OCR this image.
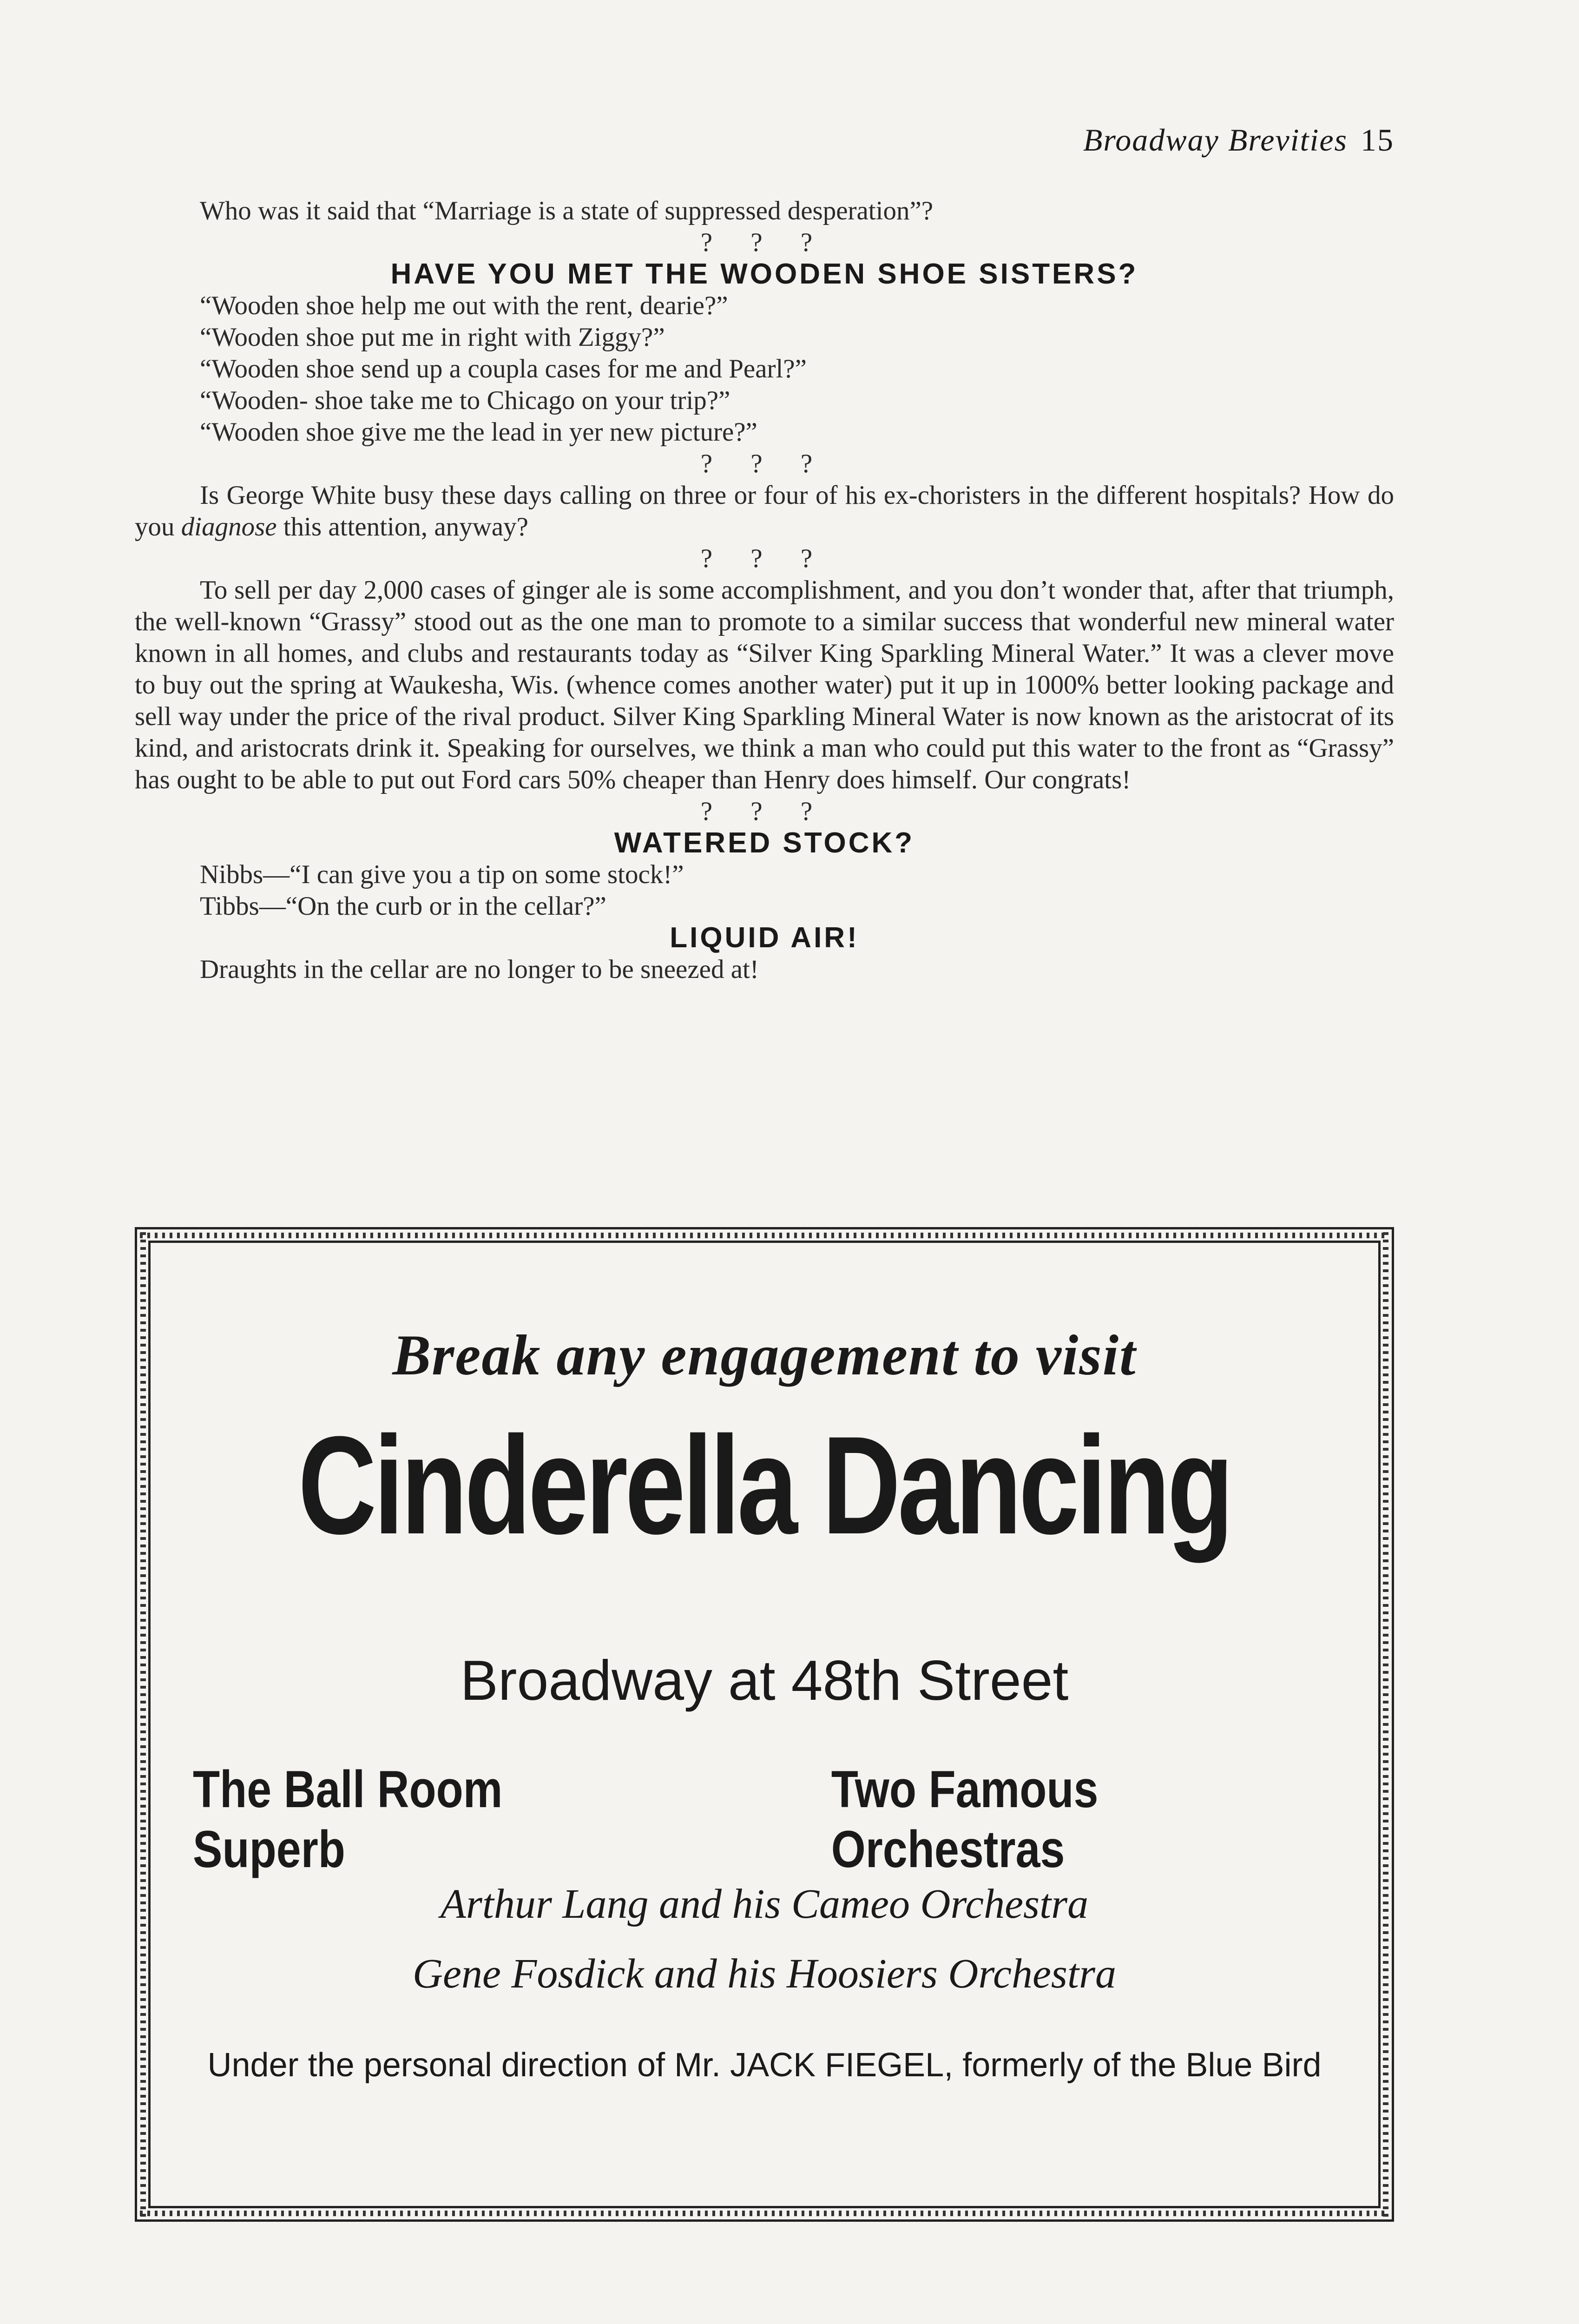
Broadway Brevities 15
Who was it said that “Marriage is a state of suppressed desperation”?
? ? ?
HAVE YOU MET THE WOODEN SHOE SISTERS?
“Wooden shoe help me out with the rent, dearie?”
“Wooden shoe put me in right with Ziggy?”
“Wooden shoe send up a coupla cases for me and Pearl?”
“Wooden- shoe take me to Chicago on your trip?”
“Wooden shoe give me the lead in yer new picture?”
? ? ?
Is George White busy these days calling on three or four of his ex-choristers in the different hospitals? How do you diagnose this attention, anyway?
? ? ?
To sell per day 2,000 cases of ginger ale is some accomplishment, and you don’t wonder that, after that triumph, the well-known “Grassy” stood out as the one man to promote to a similar success that wonderful new mineral water known in all homes, and clubs and restaurants today as “Silver King Sparkling Mineral Water.” It was a clever move to buy out the spring at Waukesha, Wis. (whence comes another water) put it up in 1000% better looking package and sell way under the price of the rival product. Silver King Sparkling Mineral Water is now known as the aristocrat of its kind, and aristocrats drink it. Speaking for ourselves, we think a man who could put this water to the front as “Grassy” has ought to be able to put out Ford cars 50% cheaper than Henry does himself. Our congrats!
? ? ?
WATERED STOCK?
Nibbs—“I can give you a tip on some stock!”
Tibbs—“On the curb or in the cellar?”
LIQUID AIR!
Draughts in the cellar are no longer to be sneezed at!
Break any engagement to visit
Cinderella Dancing
Broadway at 48th Street
The Ball Room Superb
Two Famous Orchestras
Arthur Lang and his Cameo Orchestra
Gene Fosdick and his Hoosiers Orchestra
Under the personal direction of Mr. JACK FIEGEL, formerly of the Blue Bird
